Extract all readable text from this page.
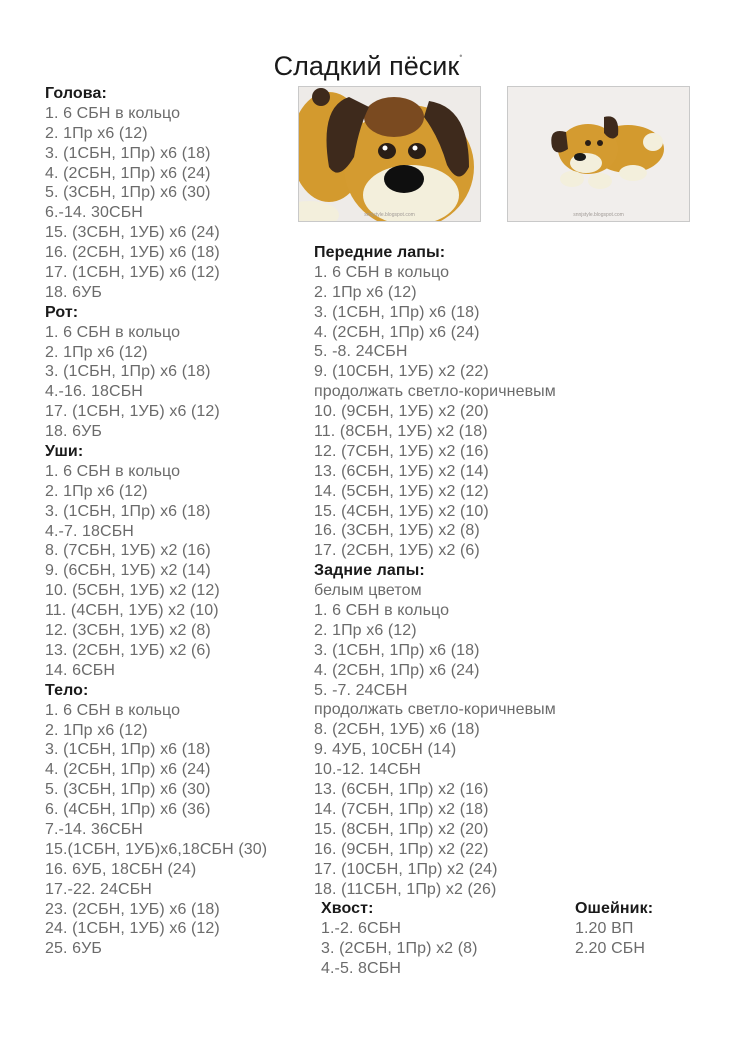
Сладкий пёсик•
snnjstyle.blogspot.com	snnjstyle.blogspot.com
Голова:
1. 6 СБН в кольцо
2. 1Пр х6 (12)
3. (1СБН, 1Пр) х6 (18)
4. (2СБН, 1Пр) х6 (24)
5. (3СБН, 1Пр) х6 (30)
6.-14. 30СБН
15. (3СБН, 1УБ) х6 (24)
16. (2СБН, 1УБ) х6 (18)
17. (1СБН, 1УБ) х6 (12)
18. 6УБ
Рот:
1. 6 СБН в кольцо
2. 1Пр х6 (12)
3. (1СБН, 1Пр) х6 (18)
4.-16. 18СБН
17. (1СБН, 1УБ) х6 (12)
18. 6УБ
Уши:
1. 6 СБН в кольцо
2. 1Пр х6 (12)
3. (1СБН, 1Пр) х6 (18)
4.-7. 18СБН
8. (7СБН, 1УБ) х2 (16)
9. (6СБН, 1УБ) х2 (14)
10. (5СБН, 1УБ) х2 (12)
11. (4СБН, 1УБ) х2 (10)
12. (3СБН, 1УБ) х2 (8)
13. (2СБН, 1УБ) х2 (6)
14. 6СБН
Тело:
1. 6 СБН в кольцо
2. 1Пр х6 (12)
3. (1СБН, 1Пр) х6 (18)
4. (2СБН, 1Пр) х6 (24)
5. (3СБН, 1Пр) х6 (30)
6. (4СБН, 1Пр) х6 (36)
7.-14. 36СБН
15.(1СБН, 1УБ)х6,18СБН (30)
16. 6УБ, 18СБН (24)
17.-22. 24СБН
23. (2СБН, 1УБ) х6 (18)
24. (1СБН, 1УБ) х6 (12)
25. 6УБ
Передние лапы:
1. 6 СБН в кольцо
2. 1Пр х6 (12)
3. (1СБН, 1Пр) х6 (18)
4. (2СБН, 1Пр) х6 (24)
5. -8. 24СБН
9. (10СБН, 1УБ) х2 (22)
продолжать светло-коричневым
10. (9СБН, 1УБ) х2 (20)
11. (8СБН, 1УБ) х2 (18)
12. (7СБН, 1УБ) х2 (16)
13. (6СБН, 1УБ) х2 (14)
14. (5СБН, 1УБ) х2 (12)
15. (4СБН, 1УБ) х2 (10)
16. (3СБН, 1УБ) х2 (8)
17. (2СБН, 1УБ) х2 (6)
Задние лапы:
белым цветом
1. 6 СБН в кольцо
2. 1Пр х6 (12)
3. (1СБН, 1Пр) х6 (18)
4. (2СБН, 1Пр) х6 (24)
5. -7. 24СБН
продолжать светло-коричневым
8. (2СБН, 1УБ) х6 (18)
9. 4УБ, 10СБН (14)
10.-12. 14СБН
13. (6СБН, 1Пр) х2 (16)
14. (7СБН, 1Пр) х2 (18)
15. (8СБН, 1Пр) х2 (20)
16. (9СБН, 1Пр) х2 (22)
17. (10СБН, 1Пр) х2 (24)
18. (11СБН, 1Пр) х2 (26)
Хвост:
1.-2. 6СБН
3. (2СБН, 1Пр) х2 (8)
4.-5. 8СБН
Ошейник:
1.20 ВП
2.20 СБН
